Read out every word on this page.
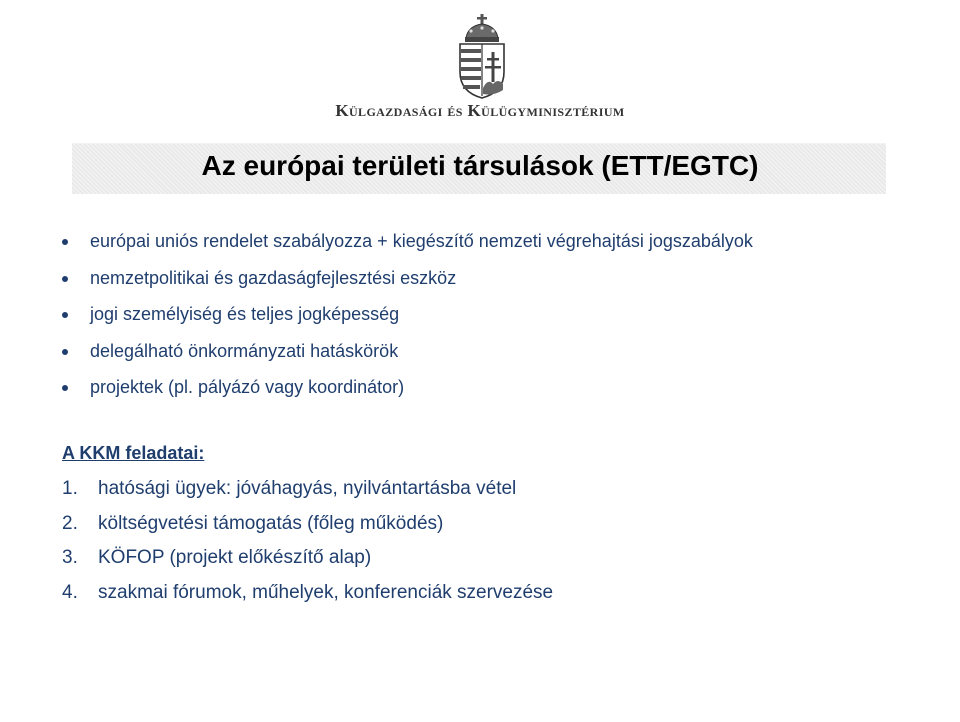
Külgazdasági és Külügyminisztérium
Az európai területi társulások (ETT/EGTC)
európai uniós rendelet szabályozza + kiegészítő nemzeti végrehajtási jogszabályok
nemzetpolitikai és gazdaságfejlesztési eszköz
jogi személyiség és teljes jogképesség
delegálható önkormányzati hatáskörök
projektek (pl. pályázó vagy koordinátor)
A KKM feladatai:
1. hatósági ügyek: jóváhagyás, nyilvántartásba vétel
2. költségvetési támogatás (főleg működés)
3. KÖFOP (projekt előkészítő alap)
4. szakmai fórumok, műhelyek, konferenciák szervezése
